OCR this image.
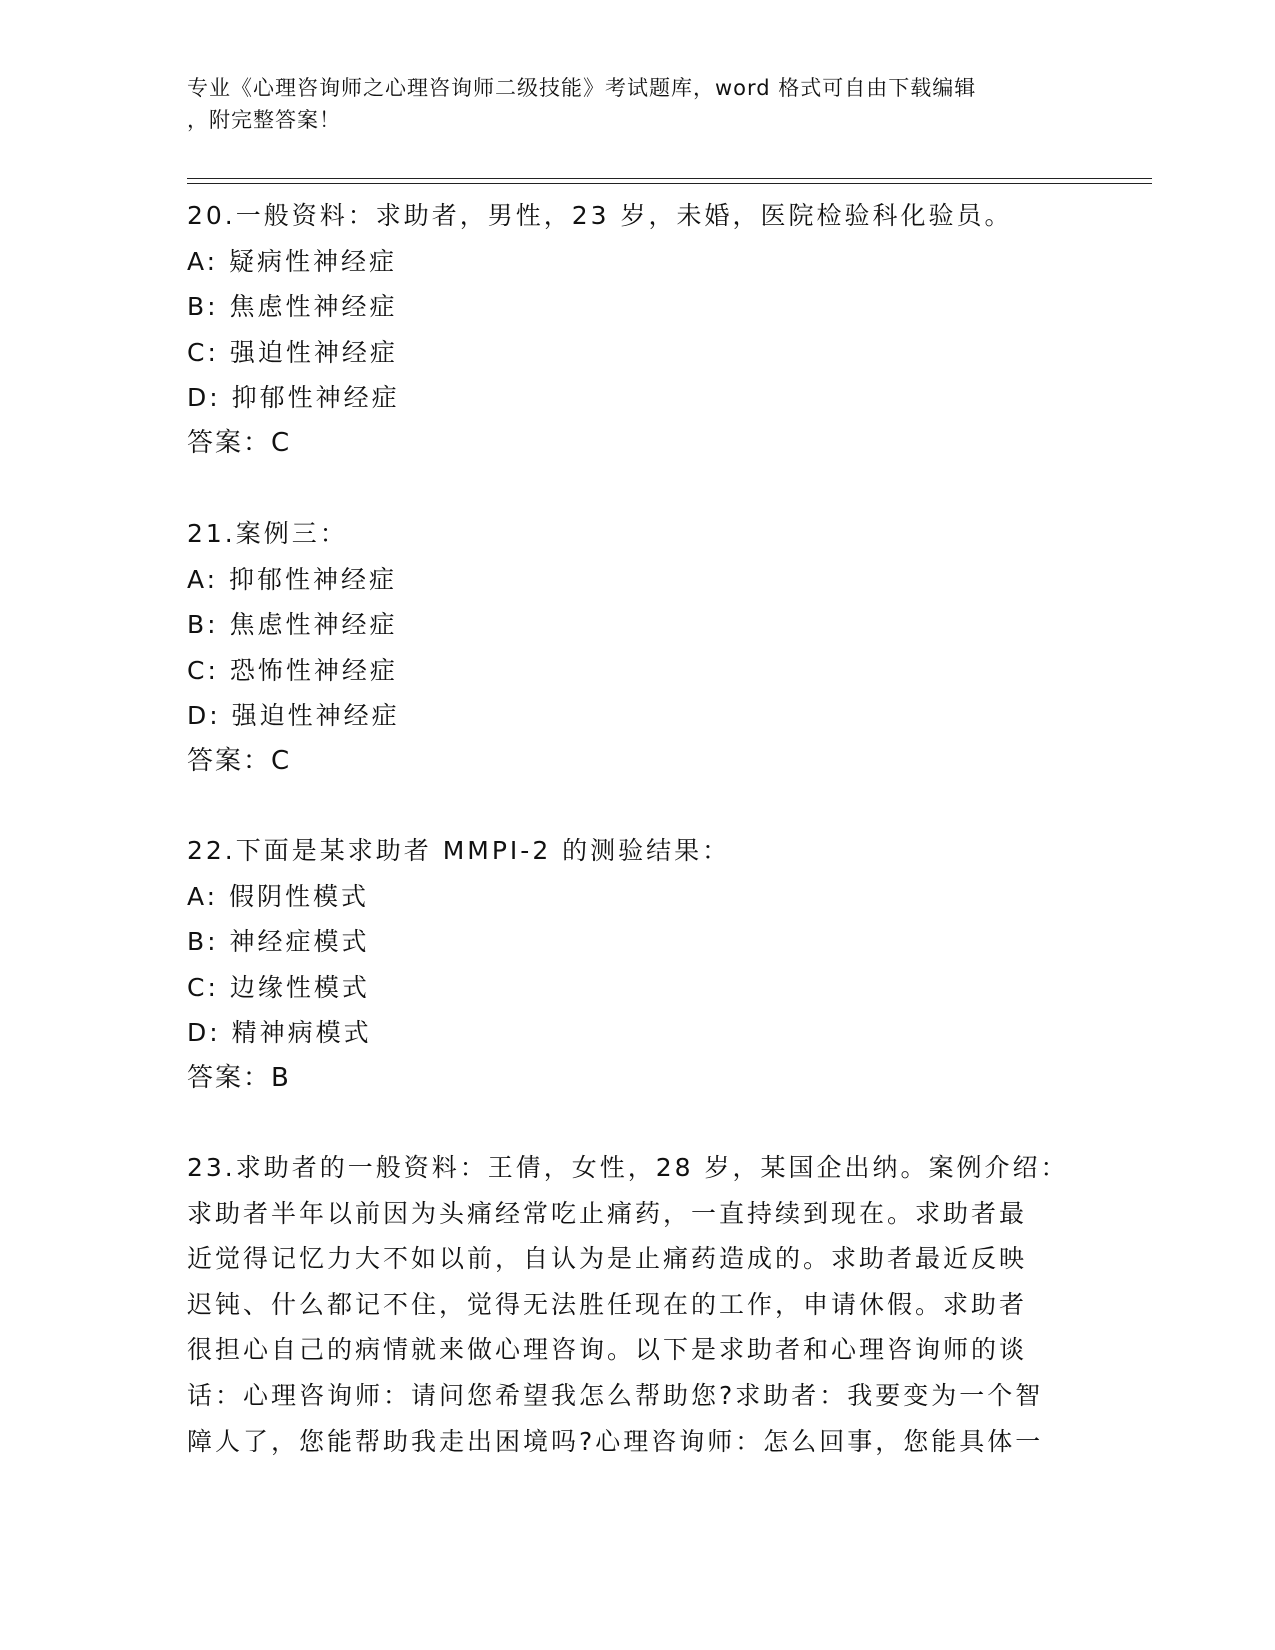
专业《心理咨询师之心理咨询师二级技能》考试题库，word 格式可自由下载编辑
，附完整答案！
20.一般资料：求助者，男性，23 岁，未婚，医院检验科化验员。
A: 疑病性神经症
B: 焦虑性神经症
C: 强迫性神经症
D: 抑郁性神经症
答案：C
21.案例三：
A: 抑郁性神经症
B: 焦虑性神经症
C: 恐怖性神经症
D: 强迫性神经症
答案：C
22.下面是某求助者 MMPI-2 的测验结果：
A: 假阴性模式
B: 神经症模式
C: 边缘性模式
D: 精神病模式
答案：B
23.求助者的一般资料：王倩，女性，28 岁，某国企出纳。案例介绍：
求助者半年以前因为头痛经常吃止痛药，一直持续到现在。求助者最
近觉得记忆力大不如以前，自认为是止痛药造成的。求助者最近反映
迟钝、什么都记不住，觉得无法胜任现在的工作，申请休假。求助者
很担心自己的病情就来做心理咨询。以下是求助者和心理咨询师的谈
话：心理咨询师：请问您希望我怎么帮助您?求助者：我要变为一个智
障人了，您能帮助我走出困境吗?心理咨询师：怎么回事，您能具体一
